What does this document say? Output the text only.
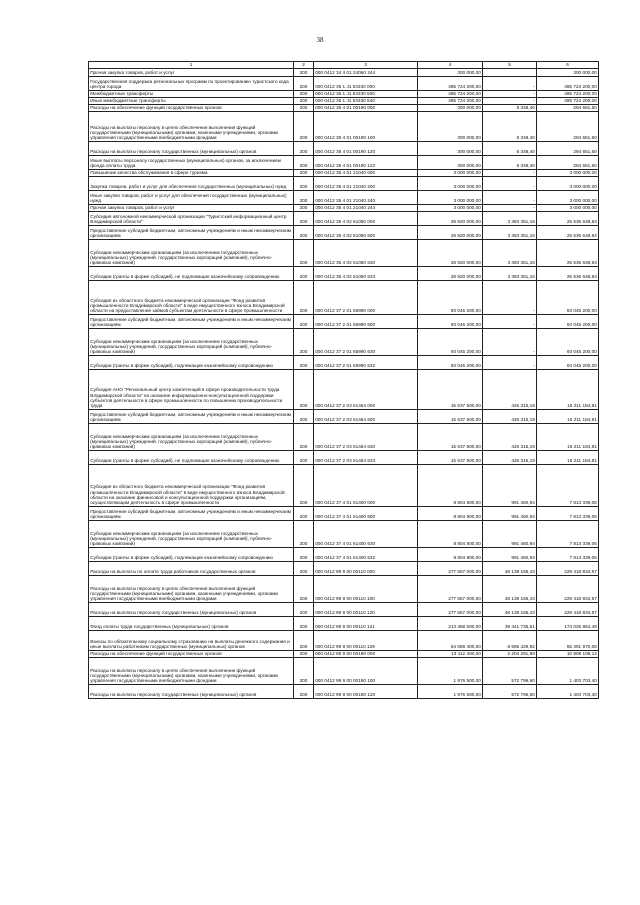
38
1	2	3	4	5	6
Прочая закупка товаров, работ и услуг	200	000 0412 34 4 01 24060 244	300 000,00		300 000,00
Государственная поддержка региональных программ по проектированию туристского кода центра города	200	000 0412 35 1 J1 53330 000	485 724 200,00	-	485 724 200,00
Межбюджетные трансферты	200	000 0412 35 1 J1 53330 500	485 724 200,00	-	485 724 200,00
Иные межбюджетные трансферты	200	000 0412 35 1 J1 53330 540	485 724 200,00	-	485 724 200,00
Расходы на обеспечение функций государственных органов	200	000 0412 35 4 01 00190 000	300 000,00	5 348,40	294 651,60
Расходы на выплаты персоналу в целях обеспечения выполнения функций государственными (муниципальными) органами, казенными учреждениями, органами управления государственными внебюджетными фондами	200	000 0412 35 4 01 00190 100	300 000,00	5 348,40	294 651,60
Расходы на выплаты персоналу государственных (муниципальных) органов	200	000 0412 35 4 01 00190 120	300 000,00	5 348,40	294 651,60
Иные выплаты персоналу государственных (муниципальных) органов, за исключением фонда оплаты труда	200	000 0412 35 4 01 00190 122	300 000,00	5 348,40	294 651,60
Повышение качества обслуживания в сфере туризма	200	000 0412 35 4 01 21040 000	3 000 000,00	-	3 000 000,00
Закупка товаров, работ и услуг для обеспечения государственных (муниципальных) нужд	200	000 0412 35 4 01 21040 200	3 000 000,00	-	3 000 000,00
Иные закупки товаров, работ и услуг для обеспечения государственных (муниципальных) нужд	200	000 0412 35 4 01 21040 240	3 000 000,00	-	3 000 000,00
Прочая закупка товаров, работ и услуг	200	000 0412 35 4 01 21040 244	3 000 000,00	-	3 000 000,00
Субсидия автономной некоммерческой организации "Туристский информационный центр Владимирской области"	200	000 0412 35 4 02 61050 000	28 920 000,00	3 383 351,16	25 536 648,84
Предоставление субсидий бюджетным, автономным учреждениям и иным некоммерческим организациям	200	000 0412 35 4 02 61050 600	28 920 000,00	3 383 351,16	25 536 648,84
Субсидии некоммерческим организациям (за исключением государственных (муниципальных) учреждений, государственных корпораций (компаний), публично-правовых компаний)	200	000 0412 35 4 02 61050 630	28 920 000,00	3 383 351,16	25 536 648,84
Субсидии (гранты в форме субсидий), не подлежащие казначейскому сопровождению	200	000 0412 35 4 02 61050 633	28 920 000,00	3 383 351,16	25 536 648,84
Субсидия из областного бюджета некоммерческой организации "Фонд развития промышленности Владимирской области" в виде имущественного взноса Владимирской области на предоставление займов субъектам деятельности в сфере промышленности	200	000 0412 37 2 01 65990 000	93 045 200,00	-	93 045 200,00
Предоставление субсидий бюджетным, автономным учреждениям и иным некоммерческим организациям	200	000 0412 37 2 01 65990 600	93 045 200,00	-	93 045 200,00
Субсидии некоммерческим организациям (за исключением государственных (муниципальных) учреждений, государственных корпораций (компаний), публично-правовых компаний)	200	000 0412 37 2 01 65990 630	93 045 200,00	-	93 045 200,00
Субсидии (гранты в форме субсидий), подлежащие казначейскому сопровождению	200	000 0412 37 2 01 65990 632	93 045 200,00	-	93 045 200,00
Субсидия АНО "Региональный центр компетенций в сфере производительности труда Владимирской области" на оказание информационно-консультационной поддержки субъектов деятельности в сфере промышленности по повышению производительности труда	200	000 0412 37 2 03 61464 000	15 637 500,00	426 315,19	15 211 184,81
Предоставление субсидий бюджетным, автономным учреждениям и иным некоммерческим организациям	200	000 0412 37 2 03 61464 600	15 637 500,00	426 315,19	15 211 184,81
Субсидии некоммерческим организациям (за исключением государственных (муниципальных) учреждений, государственных корпораций (компаний), публично-правовых компаний)	200	000 0412 37 2 03 61464 630	15 637 500,00	426 315,19	15 211 184,81
Субсидии (гранты в форме субсидий), не подлежащие казначейскому сопровождению	200	000 0412 37 2 03 61464 633	15 637 500,00	426 315,19	15 211 184,81
Субсидия из областного бюджета некоммерческой организации "Фонд развития промышленности Владимирской области" в виде имущественного взноса Владимирской области на оказание финансовой и консультационной поддержки организациям, осуществляющим деятельность в сфере промышленности	200	000 0412 37 4 01 61400 000	8 804 800,00	991 460,94	7 813 339,06
Предоставление субсидий бюджетным, автономным учреждениям и иным некоммерческим организациям	200	000 0412 37 4 01 61400 600	8 804 800,00	991 460,94	7 813 339,06
Субсидии некоммерческим организациям (за исключением государственных (муниципальных) учреждений, государственных корпораций (компаний), публично-правовых компаний)	200	000 0412 37 4 01 61400 630	8 804 800,00	991 460,94	7 813 339,06
Субсидии (гранты в форме субсидий), подлежащие казначейскому сопровождению	200	000 0412 37 4 01 61400 632	8 804 800,00	991 460,94	7 813 339,06
Расходы на выплаты по оплате труда работников государственных органов	200	000 0412 99 9 00 00110 000	277 557 000,00	48 138 165,43	229 418 834,57
Расходы на выплаты персоналу в целях обеспечения выполнения функций государственными (муниципальными) органами, казенными учреждениями, органами управления государственными внебюджетными фондами	200	000 0412 99 9 00 00110 100	277 557 000,00	48 138 165,43	229 418 834,57
Расходы на выплаты персоналу государственных (муниципальных) органов	200	000 0412 99 9 00 00110 120	277 557 000,00	48 138 165,43	229 418 834,57
Фонд оплаты труда государственных (муниципальных) органов	200	000 0412 99 9 00 00110 121	213 468 600,00	39 441 735,51	174 026 864,49
Взносы по обязательному социальному страхованию на выплаты денежного содержания и иные выплаты работникам государственных (муниципальных) органов	200	000 0412 99 9 00 00110 129	64 088 400,00	8 696 429,92	55 391 970,08
Расходы на обеспечение функций государственных органов	200	000 0412 99 9 00 00190 000	13 112 400,00	2 204 291,88	10 908 108,12
Расходы на выплаты персоналу в целях обеспечения выполнения функций государственными (муниципальными) органами, казенными учреждениями, органами управления государственными внебюджетными фондами	200	000 0412 99 9 00 00190 100	1 976 500,00	572 796,60	1 403 703,40
Расходы на выплаты персоналу государственных (муниципальных) органов	200	000 0412 99 9 00 00190 120	1 976 500,00	572 796,60	1 403 703,40
